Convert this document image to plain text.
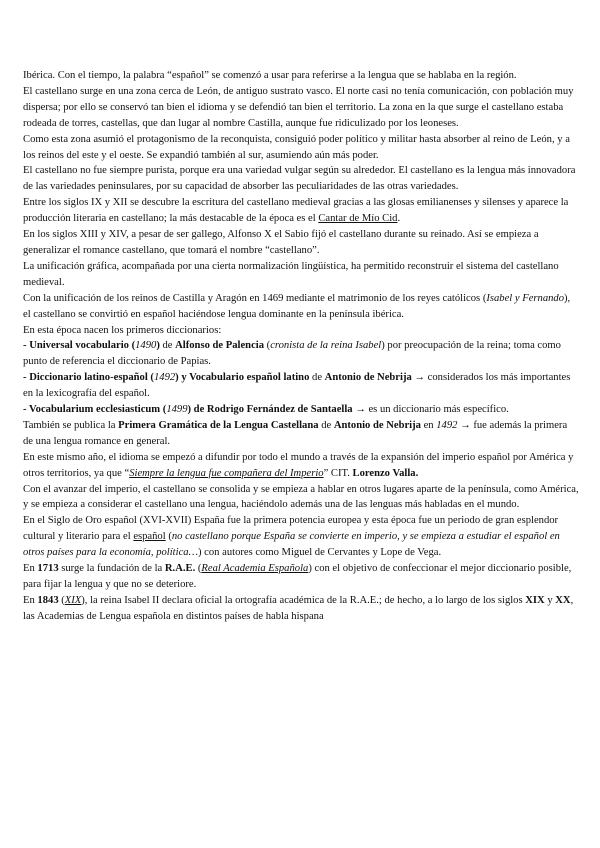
Ibérica. Con el tiempo, la palabra “español” se comenzó a usar para referirse a la lengua que se hablaba en la región.

El castellano surge en una zona cerca de León, de antiguo sustrato vasco. El norte casi no tenía comunicación, con población muy dispersa; por ello se conservó tan bien el idioma y se defendió tan bien el territorio. La zona en la que surge el castellano estaba rodeada de torres, castellas, que dan lugar al nombre Castilla, aunque fue ridiculizado por los leoneses.

Como esta zona asumió el protagonismo de la reconquista, consiguió poder político y militar hasta absorber al reino de León, y a los reinos del este y el oeste. Se expandió también al sur, asumiendo aún más poder.

El castellano no fue siempre purista, porque era una variedad vulgar según su alrededor. El castellano es la lengua más innovadora de las variedades peninsulares, por su capacidad de absorber las peculiaridades de las otras variedades.

Entre los siglos IX y XII se descubre la escritura del castellano medieval gracias a las glosas emilianenses y silenses y aparece la producción literaria en castellano; la más destacable de la época es el Cantar de Mío Cid.

En los siglos XIII y XIV, a pesar de ser gallego, Alfonso X el Sabio fijó el castellano durante su reinado. Así se empieza a generalizar el romance castellano, que tomará el nombre “castellano”.

La unificación gráfica, acompañada por una cierta normalización lingüística, ha permitido reconstruir el sistema del castellano medieval.

Con la unificación de los reinos de Castilla y Aragón en 1469 mediante el matrimonio de los reyes católicos (Isabel y Fernando), el castellano se convirtió en español haciéndose lengua dominante en la península ibérica.

En esta época nacen los primeros diccionarios:

- Universal vocabulario (1490) de Alfonso de Palencia (cronista de la reina Isabel) por preocupación de la reina; toma como punto de referencia el diccionario de Papias.

- Diccionario latino-español (1492) y Vocabulario español latino de Antonio de Nebrija → considerados los más importantes en la lexicografía del español.

- Vocabularium ecclesiasticum (1499) de Rodrigo Fernández de Santaella → es un diccionario más específico.

También se publica la Primera Gramática de la Lengua Castellana de Antonio de Nebrija en 1492 → fue además la primera de una lengua romance en general.

En este mismo año, el idioma se empezó a difundir por todo el mundo a través de la expansión del imperio español por América y otros territorios, ya que “Siempre la lengua fue compañera del Imperio” CIT. Lorenzo Valla.

Con el avanzar del imperio, el castellano se consolida y se empieza a hablar en otros lugares aparte de la península, como América, y se empieza a considerar el castellano una lengua, haciéndolo además una de las lenguas más habladas en el mundo.

En el Siglo de Oro español (XVI-XVII) España fue la primera potencia europea y esta época fue un periodo de gran esplendor cultural y literario para el español (no castellano porque España se convierte en imperio, y se empieza a estudiar el español en otros países para la economía, política…) con autores como Miguel de Cervantes y Lope de Vega.

En 1713 surge la fundación de la R.A.E. (Real Academia Española) con el objetivo de confeccionar el mejor diccionario posible, para fijar la lengua y que no se deteriore.

En 1843 (XIX), la reina Isabel II declara oficial la ortografía académica de la R.A.E.; de hecho, a lo largo de los siglos XIX y XX, las Academias de Lengua española en distintos países de habla hispana
